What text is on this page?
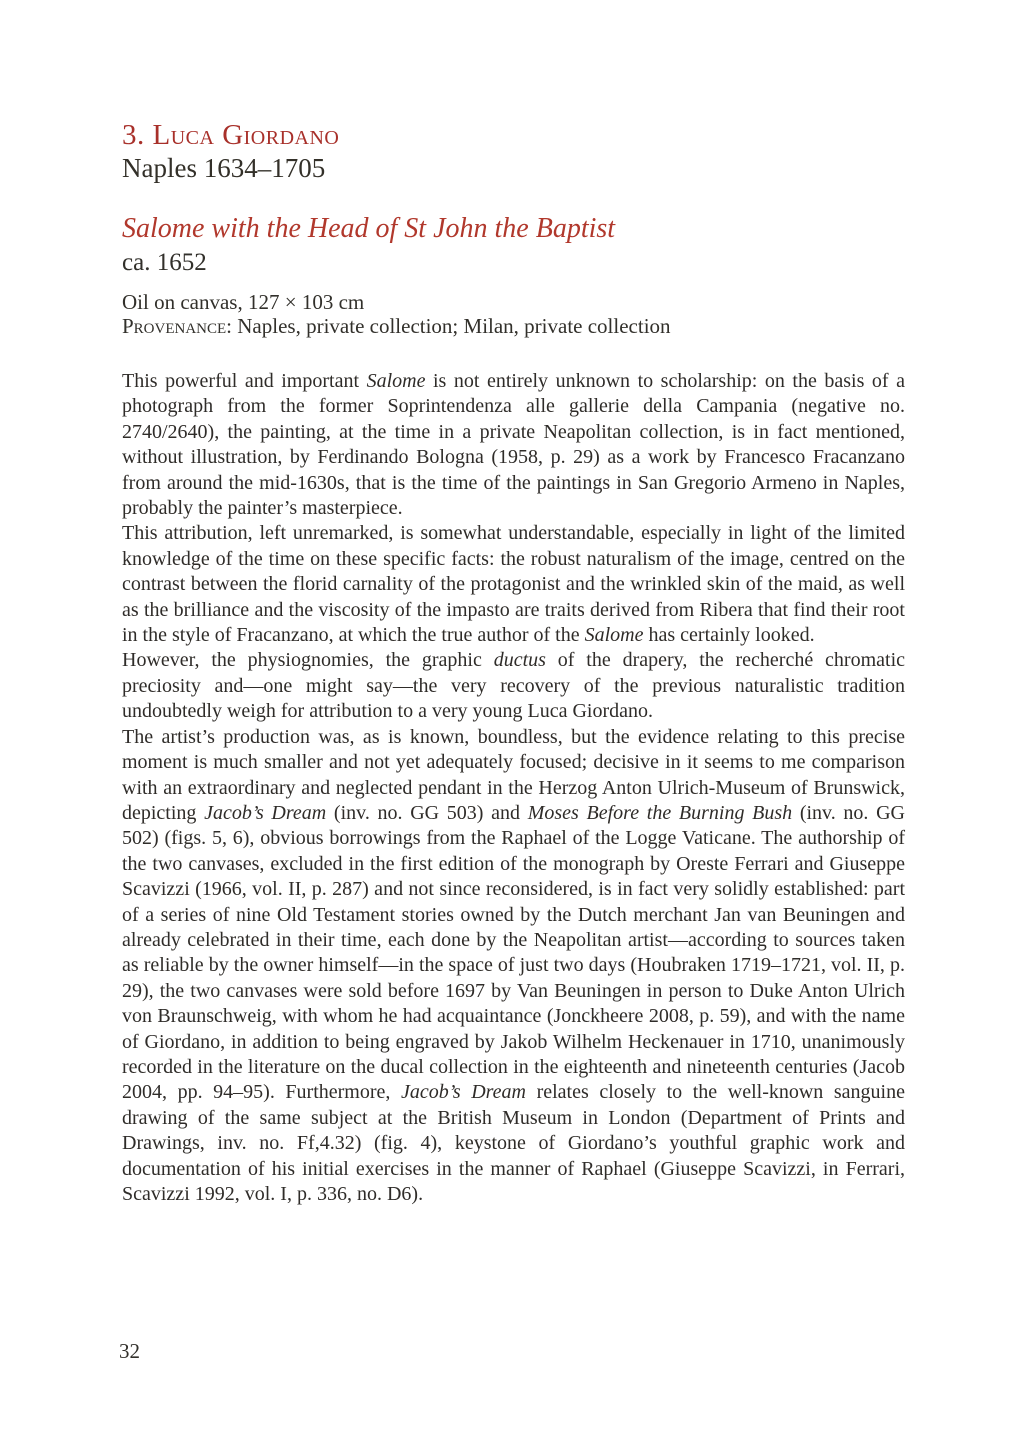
3. Luca Giordano
Naples 1634–1705
Salome with the Head of St John the Baptist
ca. 1652
Oil on canvas, 127 × 103 cm
Provenance: Naples, private collection; Milan, private collection

This powerful and important Salome is not entirely unknown to scholarship: on the basis of a photograph from the former Soprintendenza alle gallerie della Campania (negative no. 2740/2640), the painting, at the time in a private Neapolitan collection, is in fact mentioned, without illustration, by Ferdinando Bologna (1958, p. 29) as a work by Francesco Fracanzano from around the mid-1630s, that is the time of the paintings in San Gregorio Armeno in Naples, probably the painter’s masterpiece.

This attribution, left unremarked, is somewhat understandable, especially in light of the limited knowledge of the time on these specific facts: the robust naturalism of the image, centred on the contrast between the florid carnality of the protagonist and the wrinkled skin of the maid, as well as the brilliance and the viscosity of the impasto are traits derived from Ribera that find their root in the style of Fracanzano, at which the true author of the Salome has certainly looked.

However, the physiognomies, the graphic ductus of the drapery, the recherché chromatic preciosity and—one might say—the very recovery of the previous naturalistic tradition undoubtedly weigh for attribution to a very young Luca Giordano.

The artist’s production was, as is known, boundless, but the evidence relating to this precise moment is much smaller and not yet adequately focused; decisive in it seems to me comparison with an extraordinary and neglected pendant in the Herzog Anton Ulrich-Museum of Brunswick, depicting Jacob’s Dream (inv. no. GG 503) and Moses Before the Burning Bush (inv. no. GG 502) (figs. 5, 6), obvious borrowings from the Raphael of the Logge Vaticane. The authorship of the two canvases, excluded in the first edition of the monograph by Oreste Ferrari and Giuseppe Scavizzi (1966, vol. II, p. 287) and not since reconsidered, is in fact very solidly established: part of a series of nine Old Testament stories owned by the Dutch merchant Jan van Beuningen and already celebrated in their time, each done by the Neapolitan artist—according to sources taken as reliable by the owner himself—in the space of just two days (Houbraken 1719–1721, vol. II, p. 29), the two canvases were sold before 1697 by Van Beuningen in person to Duke Anton Ulrich von Braunschweig, with whom he had acquaintance (Jonckheere 2008, p. 59), and with the name of Giordano, in addition to being engraved by Jakob Wilhelm Heckenauer in 1710, unanimously recorded in the literature on the ducal collection in the eighteenth and nineteenth centuries (Jacob 2004, pp. 94–95). Furthermore, Jacob’s Dream relates closely to the well-known sanguine drawing of the same subject at the British Museum in London (Department of Prints and Drawings, inv. no. Ff,4.32) (fig. 4), keystone of Giordano’s youthful graphic work and documentation of his initial exercises in the manner of Raphael (Giuseppe Scavizzi, in Ferrari, Scavizzi 1992, vol. I, p. 336, no. D6).

32
